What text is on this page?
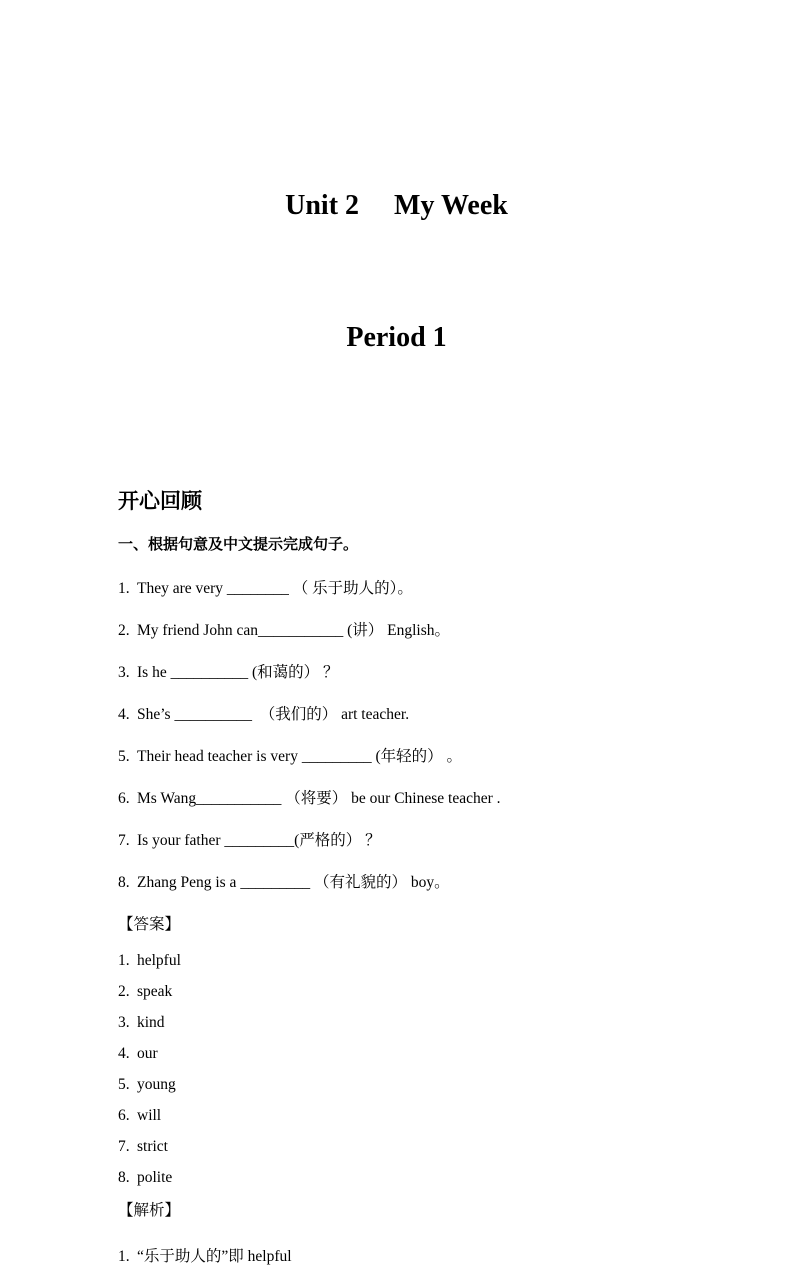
Unit 2     My Week

Period 1

开心回顾
一、根据句意及中文提示完成句子。
1. They are very ________ （ 乐于助人的）。
2. My friend John can___________ (讲） English。
3. Is he __________ (和蔼的） ？
4. She’s __________  （我们的） art teacher.
5. Their head teacher is very _________ (年轻的） 。
6. Ms Wang___________ （将要） be our Chinese teacher .
7. Is your father _________(严格的） ？
8. Zhang Peng is a _________ （有礼貌的） boy。
【答案】
1. helpful
2. speak
3. kind
4. our
5. young
6. will
7. strict
8. polite
【解析】
1. “乐于助人的”即 helpful
